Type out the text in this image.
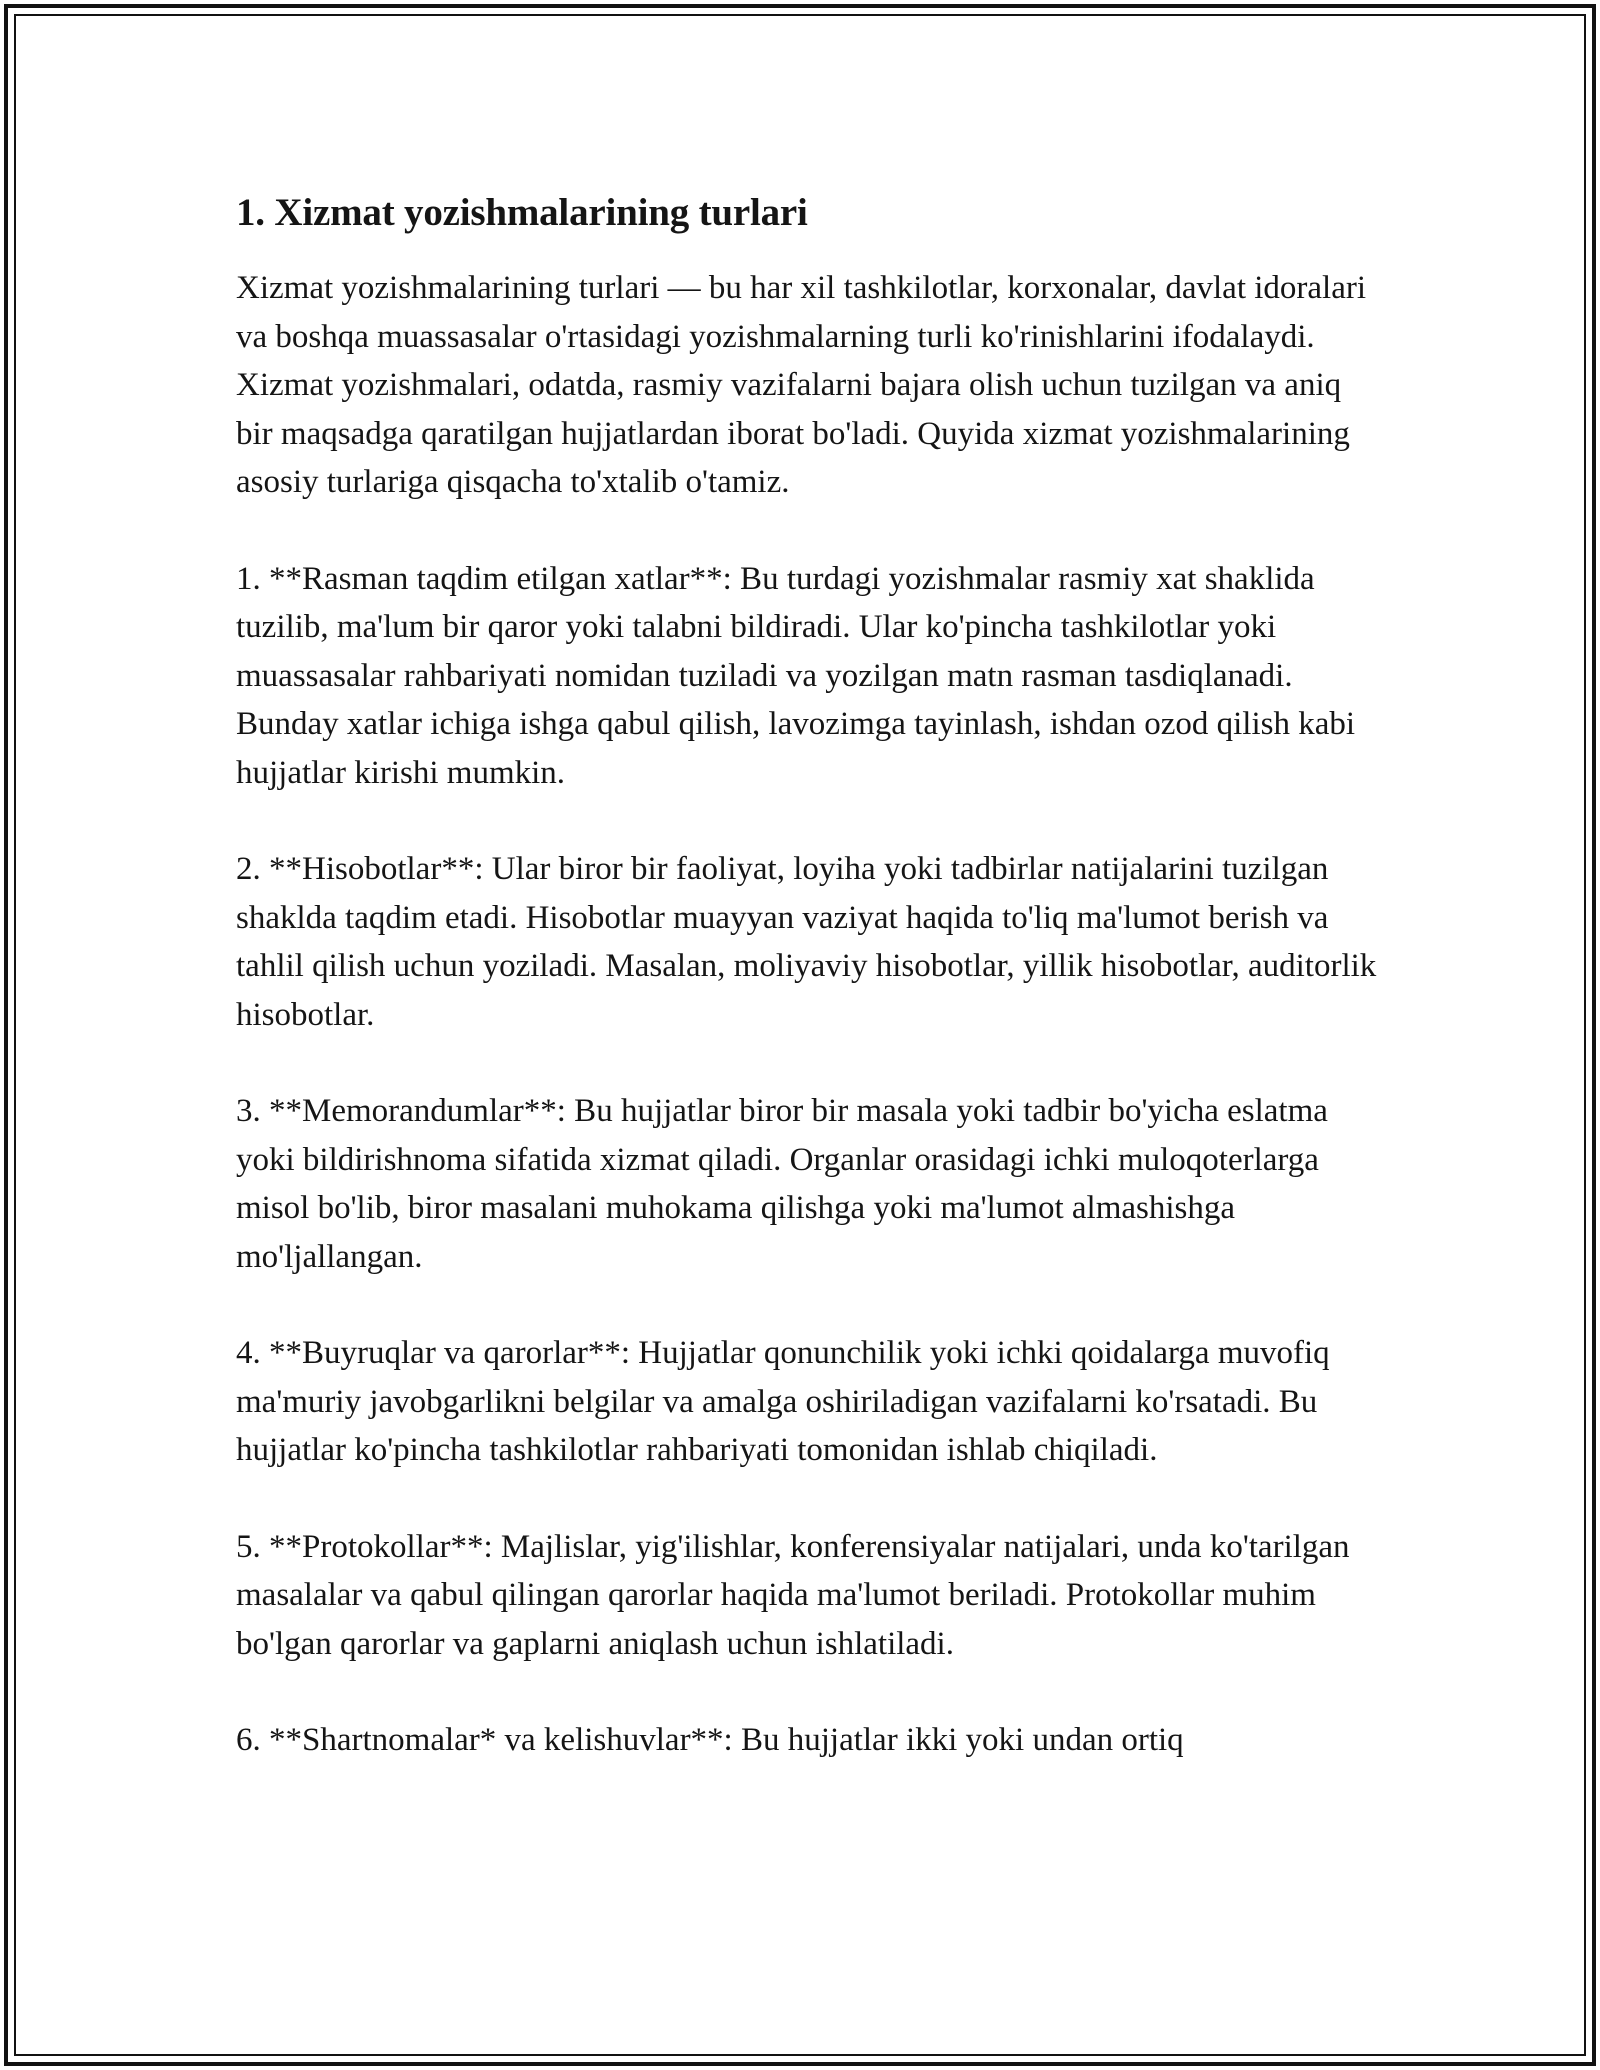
1. Xizmat yozishmalarining turlari

Xizmat yozishmalarining turlari — bu har xil tashkilotlar, korxonalar, davlat idoralari va boshqa muassasalar o'rtasidagi yozishmalarning turli ko'rinishlarini ifodalaydi. Xizmat yozishmalari, odatda, rasmiy vazifalarni bajara olish uchun tuzilgan va aniq bir maqsadga qaratilgan hujjatlardan iborat bo'ladi. Quyida xizmat yozishmalarining asosiy turlariga qisqacha to'xtalib o'tamiz.

1. **Rasman taqdim etilgan xatlar**: Bu turdagi yozishmalar rasmiy xat shaklida tuzilib, ma'lum bir qaror yoki talabni bildiradi. Ular ko'pincha tashkilotlar yoki muassasalar rahbariyati nomidan tuziladi va yozilgan matn rasman tasdiqlanadi. Bunday xatlar ichiga ishga qabul qilish, lavozimga tayinlash, ishdan ozod qilish kabi hujjatlar kirishi mumkin.

2. **Hisobotlar**: Ular biror bir faoliyat, loyiha yoki tadbirlar natijalarini tuzilgan shaklda taqdim etadi. Hisobotlar muayyan vaziyat haqida to'liq ma'lumot berish va tahlil qilish uchun yoziladi. Masalan, moliyaviy hisobotlar, yillik hisobotlar, auditorlik hisobotlar.

3. **Memorandumlar**: Bu hujjatlar biror bir masala yoki tadbir bo'yicha eslatma yoki bildirishnoma sifatida xizmat qiladi. Organlar orasidagi ichki muloqoterlarga misol bo'lib, biror masalani muhokama qilishga yoki ma'lumot almashishga mo'ljallangan.

4. **Buyruqlar va qarorlar**: Hujjatlar qonunchilik yoki ichki qoidalarga muvofiq ma'muriy javobgarlikni belgilar va amalga oshiriladigan vazifalarni ko'rsatadi. Bu hujjatlar ko'pincha tashkilotlar rahbariyati tomonidan ishlab chiqiladi.

5. **Protokollar**: Majlislar, yig'ilishlar, konferensiyalar natijalari, unda ko'tarilgan masalalar va qabul qilingan qarorlar haqida ma'lumot beriladi. Protokollar muhim bo'lgan qarorlar va gaplarni aniqlash uchun ishlatiladi.

6. **Shartnomalar* va kelishuvlar**: Bu hujjatlar ikki yoki undan ortiq
